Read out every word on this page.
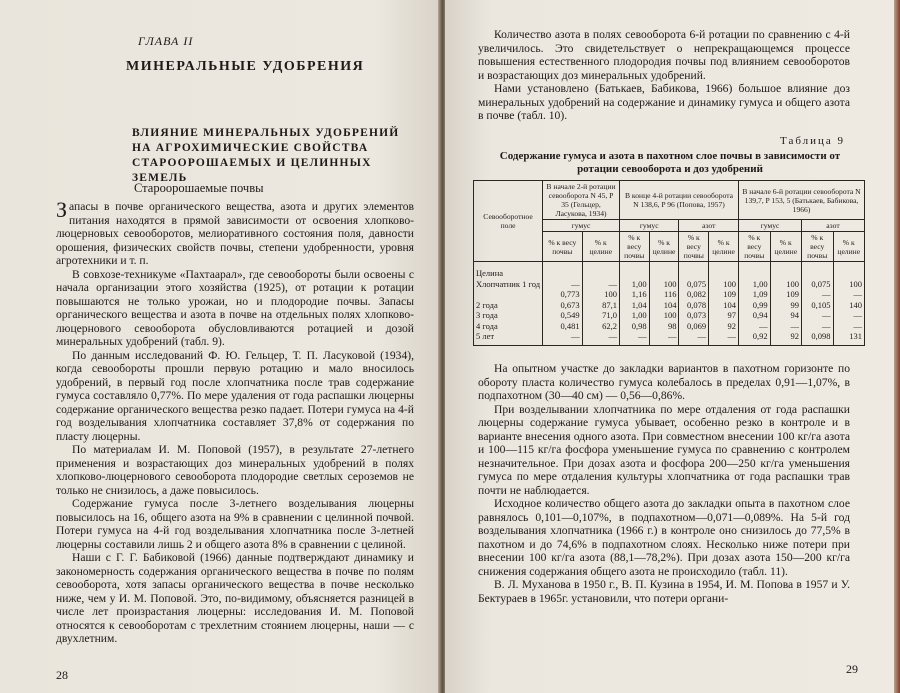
ГЛАВА II
МИНЕРАЛЬНЫЕ УДОБРЕНИЯ
ВЛИЯНИЕ МИНЕРАЛЬНЫХ УДОБРЕНИЙ НА АГРОХИМИЧЕСКИЕ СВОЙСТВА СТАРООРОШАЕМЫХ И ЦЕЛИННЫХ ЗЕМЕЛЬ
Староорошаемые почвы

Запасы в почве органического вещества, азота и других элементов питания находятся в прямой зависимости от освоения хлопково-люцерновых севооборотов, мелиоративного состояния поля, давности орошения, физических свойств почвы, степени удобренности, уровня агротехники и т. п.

В совхозе-техникуме «Пахтаарал», где севообороты были освоены с начала организации этого хозяйства (1925), от ротации к ротации повышаются не только урожаи, но и плодородие почвы. Запасы органического вещества и азота в почве на отдельных полях хлопково-люцернового севооборота обусловливаются ротацией и дозой минеральных удобрений (табл. 9).

По данным исследований Ф. Ю. Гельцер, Т. П. Ласуковой (1934), когда севообороты прошли первую ротацию и мало вносилось удобрений, в первый год после хлопчатника после трав содержание гумуса составляло 0,77%. По мере удаления от года распашки люцерны содержание органического вещества резко падает. Потери гумуса на 4-й год возделывания хлопчатника составляет 37,8% от содержания по пласту люцерны.

По материалам И. М. Поповой (1957), в результате 27-летнего применения и возрастающих доз минеральных удобрений в полях хлопково-люцернового севооборота плодородие светлых сероземов не только не снизилось, а даже повысилось.

Содержание гумуса после 3-летнего возделывания люцерны повысилось на 16, общего азота на 9% в сравнении с целинной почвой. Потери гумуса на 4-й год возделывания хлопчатника после 3-летней люцерны составили лишь 2 и общего азота 8% в сравнении с целиной.

Наши с Г. Г. Бабиковой (1966) данные подтверждают динамику и закономерность содержания органического вещества в почве по полям севооборота, хотя запасы органического вещества в почве несколько ниже, чем у И. М. Поповой. Это, по-видимому, объясняется разницей в числе лет произрастания люцерны: исследования И. М. Поповой относятся к севооборотам с трехлетним стоянием люцерны, наши — с двухлетним.

28

Количество азота в полях севооборота 6-й ротации по сравнению с 4-й увеличилось. Это свидетельствует о непрекращающемся процессе повышения естественного плодородия почвы под влиянием севооборотов и возрастающих доз минеральных удобрений.

Нами установлено (Батькаев, Бабикова, 1966) большое влияние доз минеральных удобрений на содержание и динамику гумуса и общего азота в почве (табл. 10).

Таблица 9
Содержание гумуса и азота в пахотном слое почвы в зависимости от ротации севооборота и доз удобрений
Севооборотное поле	В начале 2-й ротации севооборота N 45, P 35 (Гельцер, Ласукова, 1934)		В конце 4-й ротации севооборота N 138,6, P 96 (Попова, 1957)				В начале 6-й ротации севооборота N 139,7, P 153, 5 (Батькаев, Бабикова, 1966)			
	гумус		гумус		азот		гумус		азот	
	% к весу почвы	% к целине	% к весу почвы	% к целине	% к весу почвы	% к целине	% к весу почвы	% к целине	% к весу почвы	% к целине
Целина										
Хлопчатник 1 год	—	—	1,00	100	0,075	100	1,00	100	0,075	100
	0,773	100	1,16	116	0,082	109	1,09	109	—	—
2 года	0,673	87,1	1,04	104	0,078	104	0,99	99	0,105	140
3 года	0,549	71,0	1,00	100	0,073	97	0,94	94	—	—
4 года	0,481	62,2	0,98	98	0,069	92	—	—	—	—
5 лет	—	—	—	—	—	—	0,92	92	0,098	131

На опытном участке до закладки вариантов в пахотном горизонте по обороту пласта количество гумуса колебалось в пределах 0,91—1,07%, в подпахотном (30—40 см) — 0,56—0,86%.

При возделывании хлопчатника по мере отдаления от года распашки люцерны содержание гумуса убывает, особенно резко в контроле и в варианте внесения одного азота. При совместном внесении 100 кг/га азота и 100—115 кг/га фосфора уменьшение гумуса по сравнению с контролем незначительное. При дозах азота и фосфора 200—250 кг/га уменьшения гумуса по мере отдаления культуры хлопчатника от года распашки трав почти не наблюдается.

Исходное количество общего азота до закладки опыта в пахотном слое равнялось 0,101—0,107%, в подпахотном—0,071—0,089%. На 5-й год возделывания хлопчатника (1966 г.) в контроле оно снизилось до 77,5% в пахотном и до 74,6% в подпахотном слоях. Несколько ниже потери при внесении 100 кг/га азота (88,1—78,2%). При дозах азота 150—200 кг/га снижения содержания общего азота не происходило (табл. 11).

В. Л. Муханова в 1950 г., В. П. Кузина в 1954, И. М. Попова в 1957 и У. Бектураев в 1965г. установили, что потери органи-

29
